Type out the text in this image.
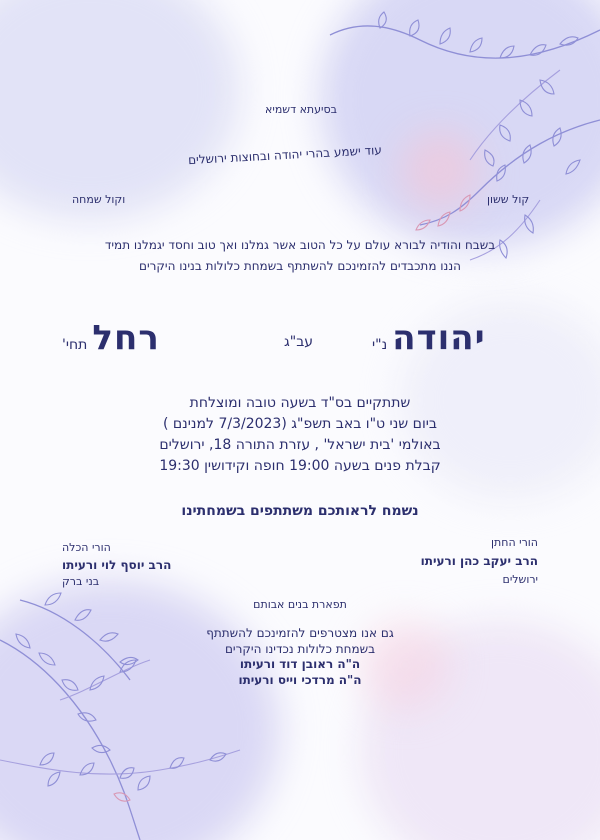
בסיעתא דשמיא
עוד ישמע בהרי יהודה ובחוצות ירושלים
קול ששון
וקול שמחה
בשבח והודיה לבורא עולם על כל הטוב אשר גמלנו ואך טוב וחסד יגמלנו תמיד
הננו מתכבדים להזמינכם להשתתף בשמחת כלולות בנינו היקרים
יהודה נ"י
עב"ג
רחל תחי'
שתתקיים בס"ד בשעה טובה ומוצלחת
ביום שני ט"ו באב תשפ"ג (7/3/2023 למנינם )
באולמי 'בית ישראל' , עזרת התורה 18, ירושלים
קבלת פנים בשעה 19:00 חופה וקידושין 19:30
נשמח לראותכם משתתפים בשמחתינו
הורי החתן
הרב יעקב כהן ורעיתו
ירושלים
הורי הכלה
הרב יוסף לוי ורעיתו
בני ברק
תפארת בנים אבותם
גם אנו מצטרפים להזמינכם להשתתף
בשמחת כלולות נכדינו היקרים
ה"ה ראובן דוד ורעיתו
ה"ה מרדכי וייס ורעיתו
